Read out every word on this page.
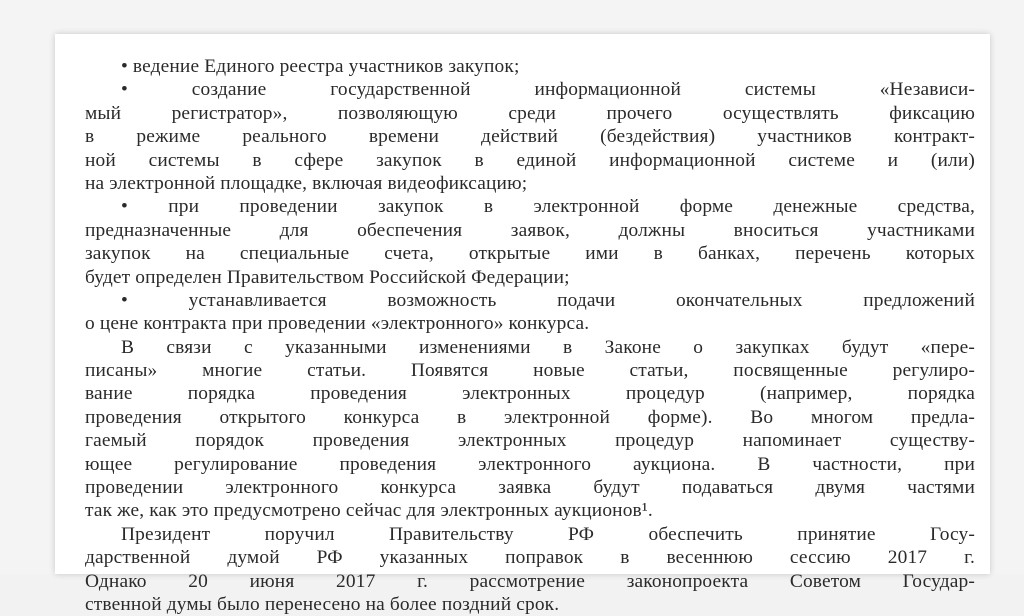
• ведение Единого реестра участников закупок;
• создание государственной информационной системы «Независи-
мый регистратор», позволяющую среди прочего осуществлять фиксацию
в режиме реального времени действий (бездействия) участников контракт-
ной системы в сфере закупок в единой информационной системе и (или)
на электронной площадке, включая видеофиксацию;
• при проведении закупок в электронной форме денежные средства,
предназначенные для обеспечения заявок, должны вноситься участниками
закупок на специальные счета, открытые ими в банках, перечень которых
будет определен Правительством Российской Федерации;
• устанавливается возможность подачи окончательных предложений
о цене контракта при проведении «электронного» конкурса.
В связи с указанными изменениями в Законе о закупках будут «пере-
писаны» многие статьи. Появятся новые статьи, посвященные регулиро-
вание порядка проведения электронных процедур (например, порядка
проведения открытого конкурса в электронной форме). Во многом предла-
гаемый порядок проведения электронных процедур напоминает существу-
ющее регулирование проведения электронного аукциона. В частности, при
проведении электронного конкурса заявка будут подаваться двумя частями
так же, как это предусмотрено сейчас для электронных аукционов¹.
Президент поручил Правительству РФ обеспечить принятие Госу-
дарственной думой РФ указанных поправок в весеннюю сессию 2017 г.
Однако 20 июня 2017 г. рассмотрение законопроекта Советом Государ-
ственной думы было перенесено на более поздний срок.
